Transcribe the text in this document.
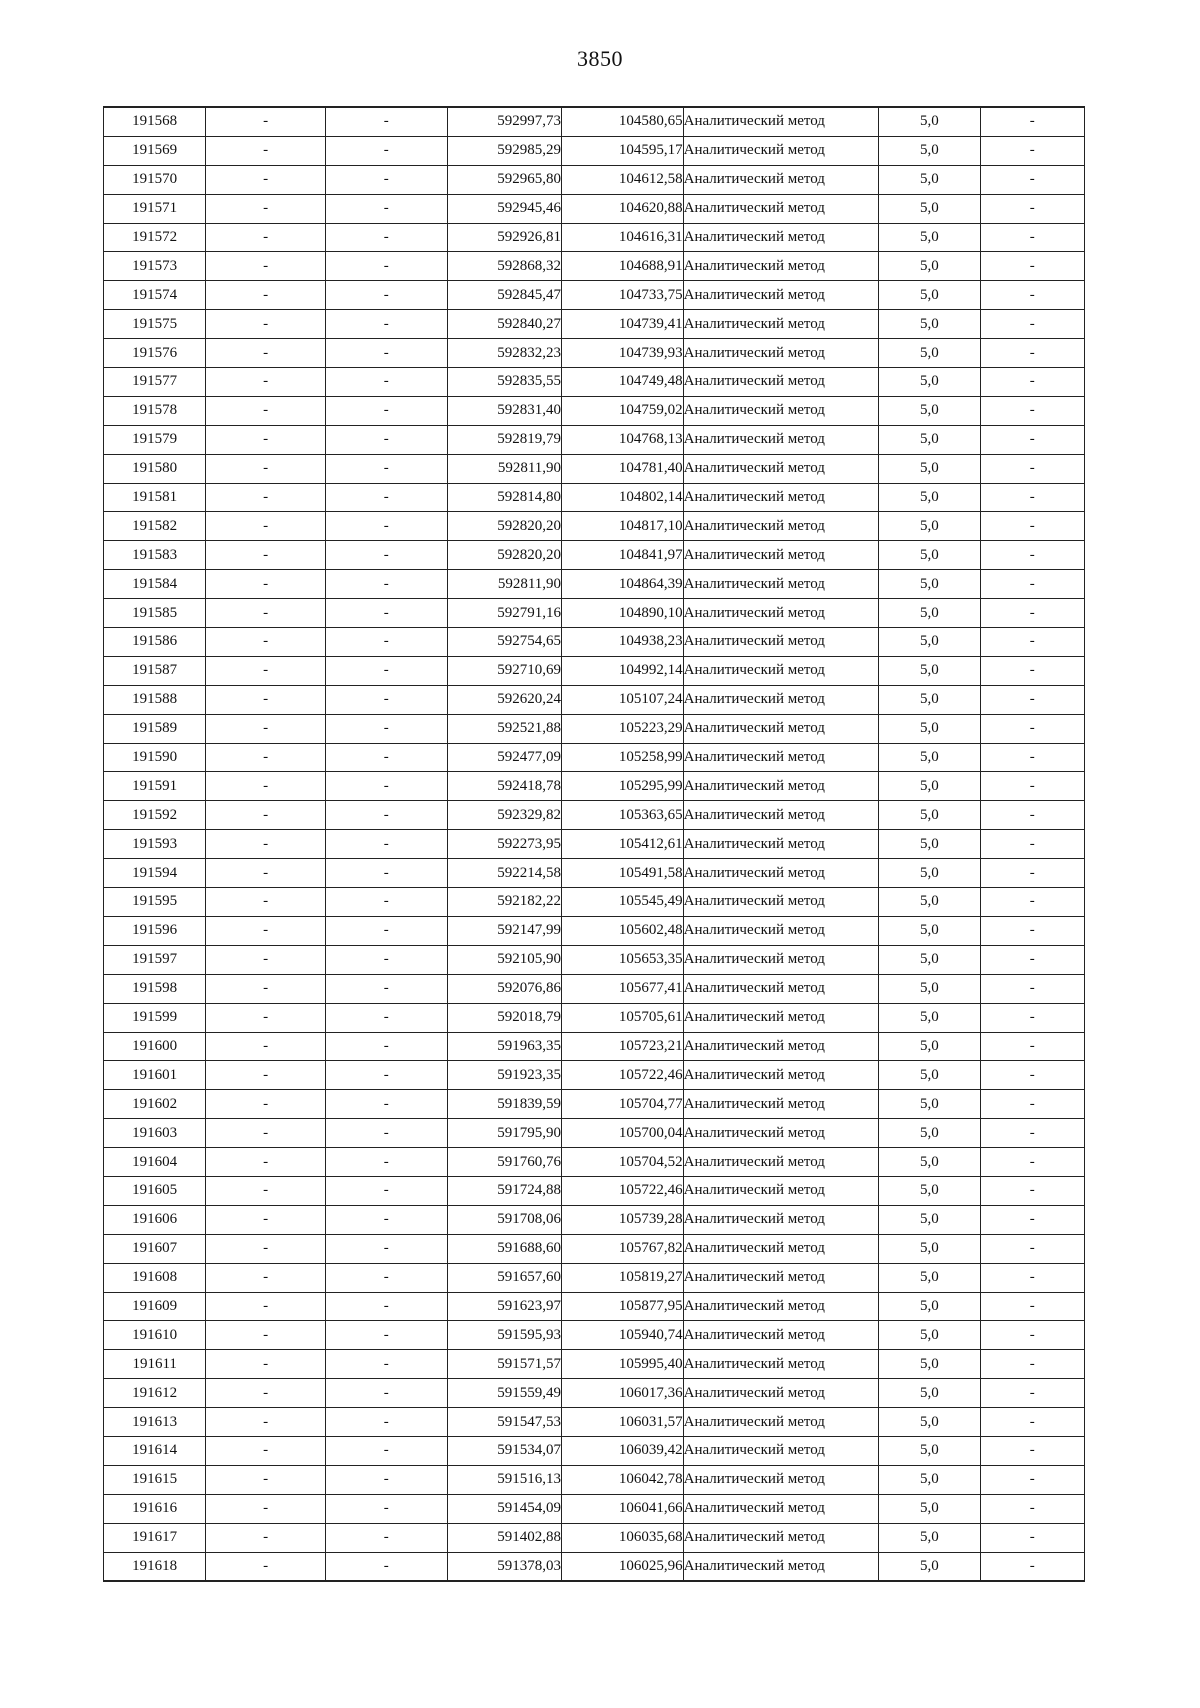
3850
191568	-	-	592997,73	104580,65	Аналитический метод	5,0	-
191569	-	-	592985,29	104595,17	Аналитический метод	5,0	-
191570	-	-	592965,80	104612,58	Аналитический метод	5,0	-
191571	-	-	592945,46	104620,88	Аналитический метод	5,0	-
191572	-	-	592926,81	104616,31	Аналитический метод	5,0	-
191573	-	-	592868,32	104688,91	Аналитический метод	5,0	-
191574	-	-	592845,47	104733,75	Аналитический метод	5,0	-
191575	-	-	592840,27	104739,41	Аналитический метод	5,0	-
191576	-	-	592832,23	104739,93	Аналитический метод	5,0	-
191577	-	-	592835,55	104749,48	Аналитический метод	5,0	-
191578	-	-	592831,40	104759,02	Аналитический метод	5,0	-
191579	-	-	592819,79	104768,13	Аналитический метод	5,0	-
191580	-	-	592811,90	104781,40	Аналитический метод	5,0	-
191581	-	-	592814,80	104802,14	Аналитический метод	5,0	-
191582	-	-	592820,20	104817,10	Аналитический метод	5,0	-
191583	-	-	592820,20	104841,97	Аналитический метод	5,0	-
191584	-	-	592811,90	104864,39	Аналитический метод	5,0	-
191585	-	-	592791,16	104890,10	Аналитический метод	5,0	-
191586	-	-	592754,65	104938,23	Аналитический метод	5,0	-
191587	-	-	592710,69	104992,14	Аналитический метод	5,0	-
191588	-	-	592620,24	105107,24	Аналитический метод	5,0	-
191589	-	-	592521,88	105223,29	Аналитический метод	5,0	-
191590	-	-	592477,09	105258,99	Аналитический метод	5,0	-
191591	-	-	592418,78	105295,99	Аналитический метод	5,0	-
191592	-	-	592329,82	105363,65	Аналитический метод	5,0	-
191593	-	-	592273,95	105412,61	Аналитический метод	5,0	-
191594	-	-	592214,58	105491,58	Аналитический метод	5,0	-
191595	-	-	592182,22	105545,49	Аналитический метод	5,0	-
191596	-	-	592147,99	105602,48	Аналитический метод	5,0	-
191597	-	-	592105,90	105653,35	Аналитический метод	5,0	-
191598	-	-	592076,86	105677,41	Аналитический метод	5,0	-
191599	-	-	592018,79	105705,61	Аналитический метод	5,0	-
191600	-	-	591963,35	105723,21	Аналитический метод	5,0	-
191601	-	-	591923,35	105722,46	Аналитический метод	5,0	-
191602	-	-	591839,59	105704,77	Аналитический метод	5,0	-
191603	-	-	591795,90	105700,04	Аналитический метод	5,0	-
191604	-	-	591760,76	105704,52	Аналитический метод	5,0	-
191605	-	-	591724,88	105722,46	Аналитический метод	5,0	-
191606	-	-	591708,06	105739,28	Аналитический метод	5,0	-
191607	-	-	591688,60	105767,82	Аналитический метод	5,0	-
191608	-	-	591657,60	105819,27	Аналитический метод	5,0	-
191609	-	-	591623,97	105877,95	Аналитический метод	5,0	-
191610	-	-	591595,93	105940,74	Аналитический метод	5,0	-
191611	-	-	591571,57	105995,40	Аналитический метод	5,0	-
191612	-	-	591559,49	106017,36	Аналитический метод	5,0	-
191613	-	-	591547,53	106031,57	Аналитический метод	5,0	-
191614	-	-	591534,07	106039,42	Аналитический метод	5,0	-
191615	-	-	591516,13	106042,78	Аналитический метод	5,0	-
191616	-	-	591454,09	106041,66	Аналитический метод	5,0	-
191617	-	-	591402,88	106035,68	Аналитический метод	5,0	-
191618	-	-	591378,03	106025,96	Аналитический метод	5,0	-
